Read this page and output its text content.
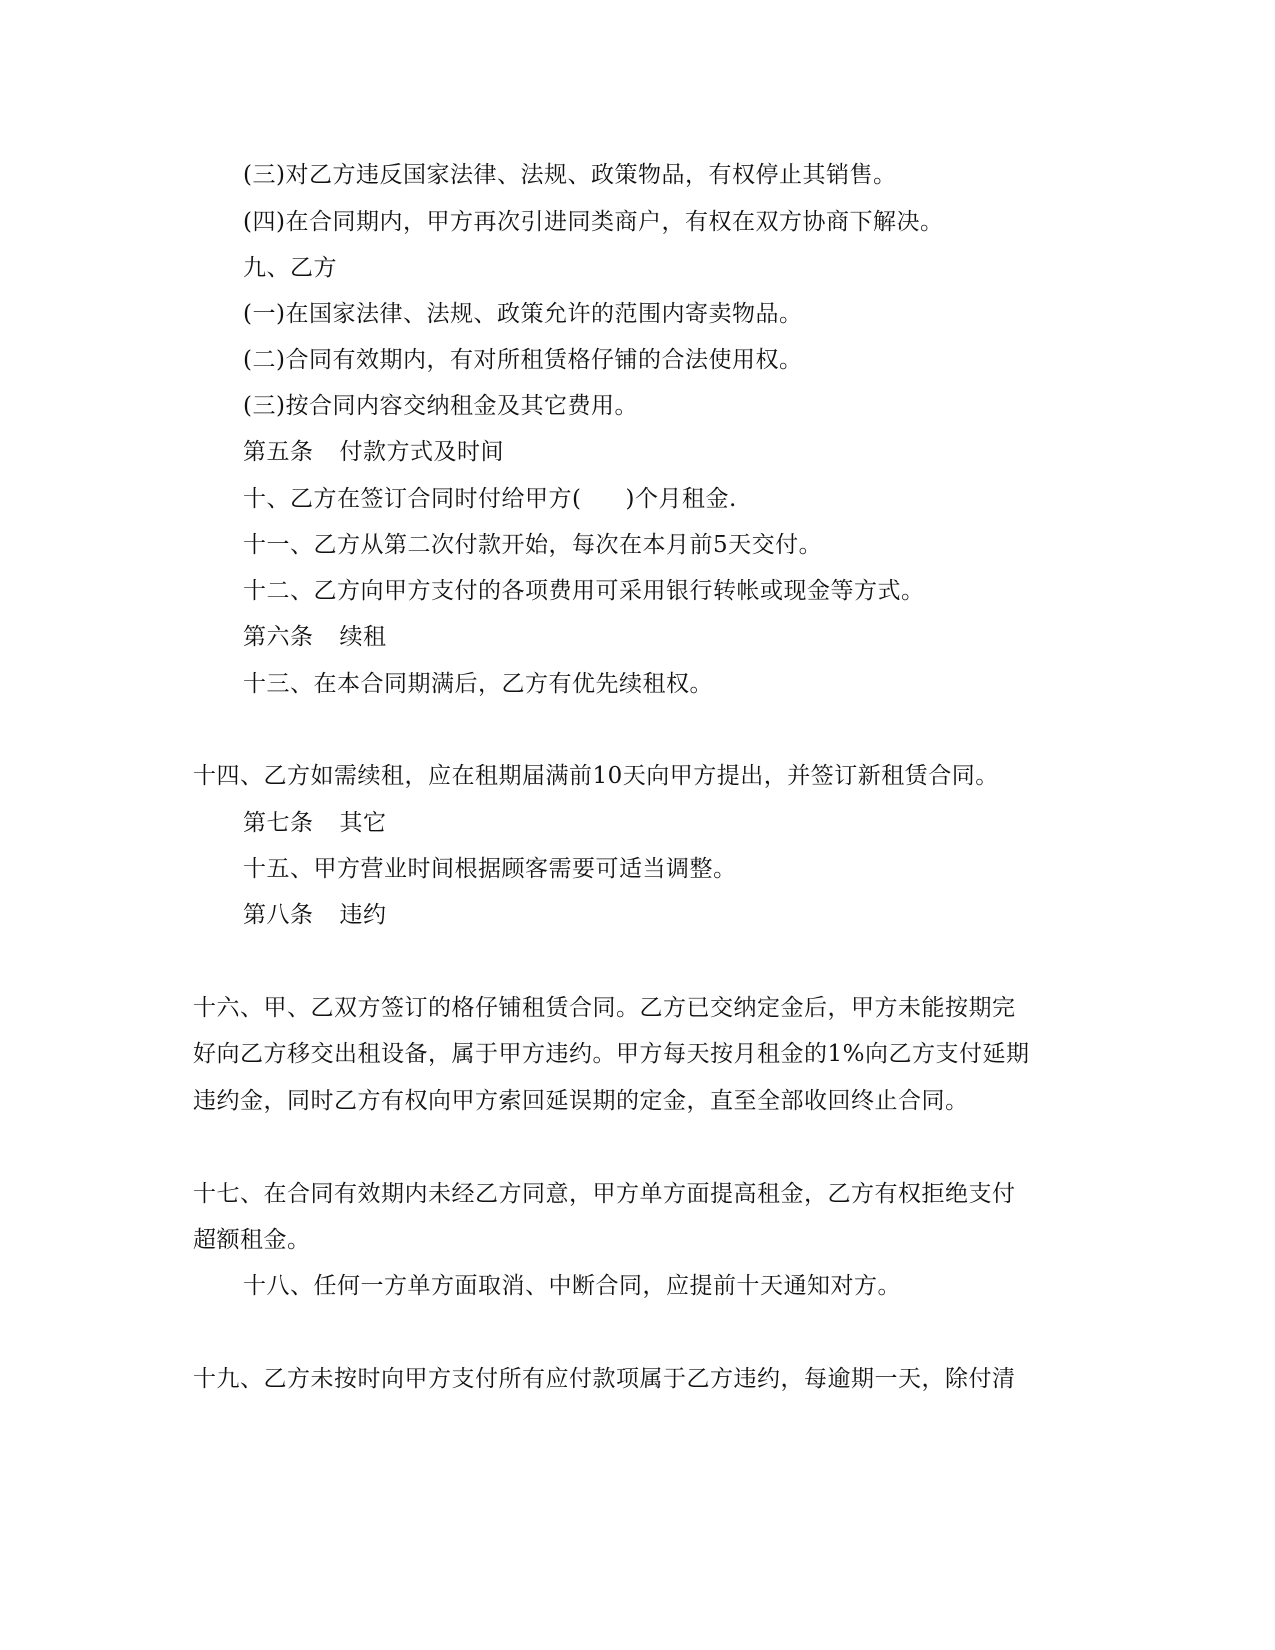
(三)对乙方违反国家法律、法规、政策物品，有权停止其销售。
(四)在合同期内，甲方再次引进同类商户，有权在双方协商下解决。
九、乙方
(一)在国家法律、法规、政策允许的范围内寄卖物品。
(二)合同有效期内，有对所租赁格仔铺的合法使用权。
(三)按合同内容交纳租金及其它费用。
第五条 付款方式及时间
十、乙方在签订合同时付给甲方( )个月租金.
十一、乙方从第二次付款开始，每次在本月前5天交付。
十二、乙方向甲方支付的各项费用可采用银行转帐或现金等方式。
第六条 续租
十三、在本合同期满后，乙方有优先续租权。
十四、乙方如需续租，应在租期届满前10天向甲方提出，并签订新租赁合同。
第七条 其它
十五、甲方营业时间根据顾客需要可适当调整。
第八条 违约
十六、甲、乙双方签订的格仔铺租赁合同。乙方已交纳定金后，甲方未能按期完
好向乙方移交出租设备，属于甲方违约。甲方每天按月租金的1%向乙方支付延期
违约金，同时乙方有权向甲方索回延误期的定金，直至全部收回终止合同。
十七、在合同有效期内未经乙方同意，甲方单方面提高租金，乙方有权拒绝支付
超额租金。
十八、任何一方单方面取消、中断合同，应提前十天通知对方。
十九、乙方未按时向甲方支付所有应付款项属于乙方违约，每逾期一天，除付清
